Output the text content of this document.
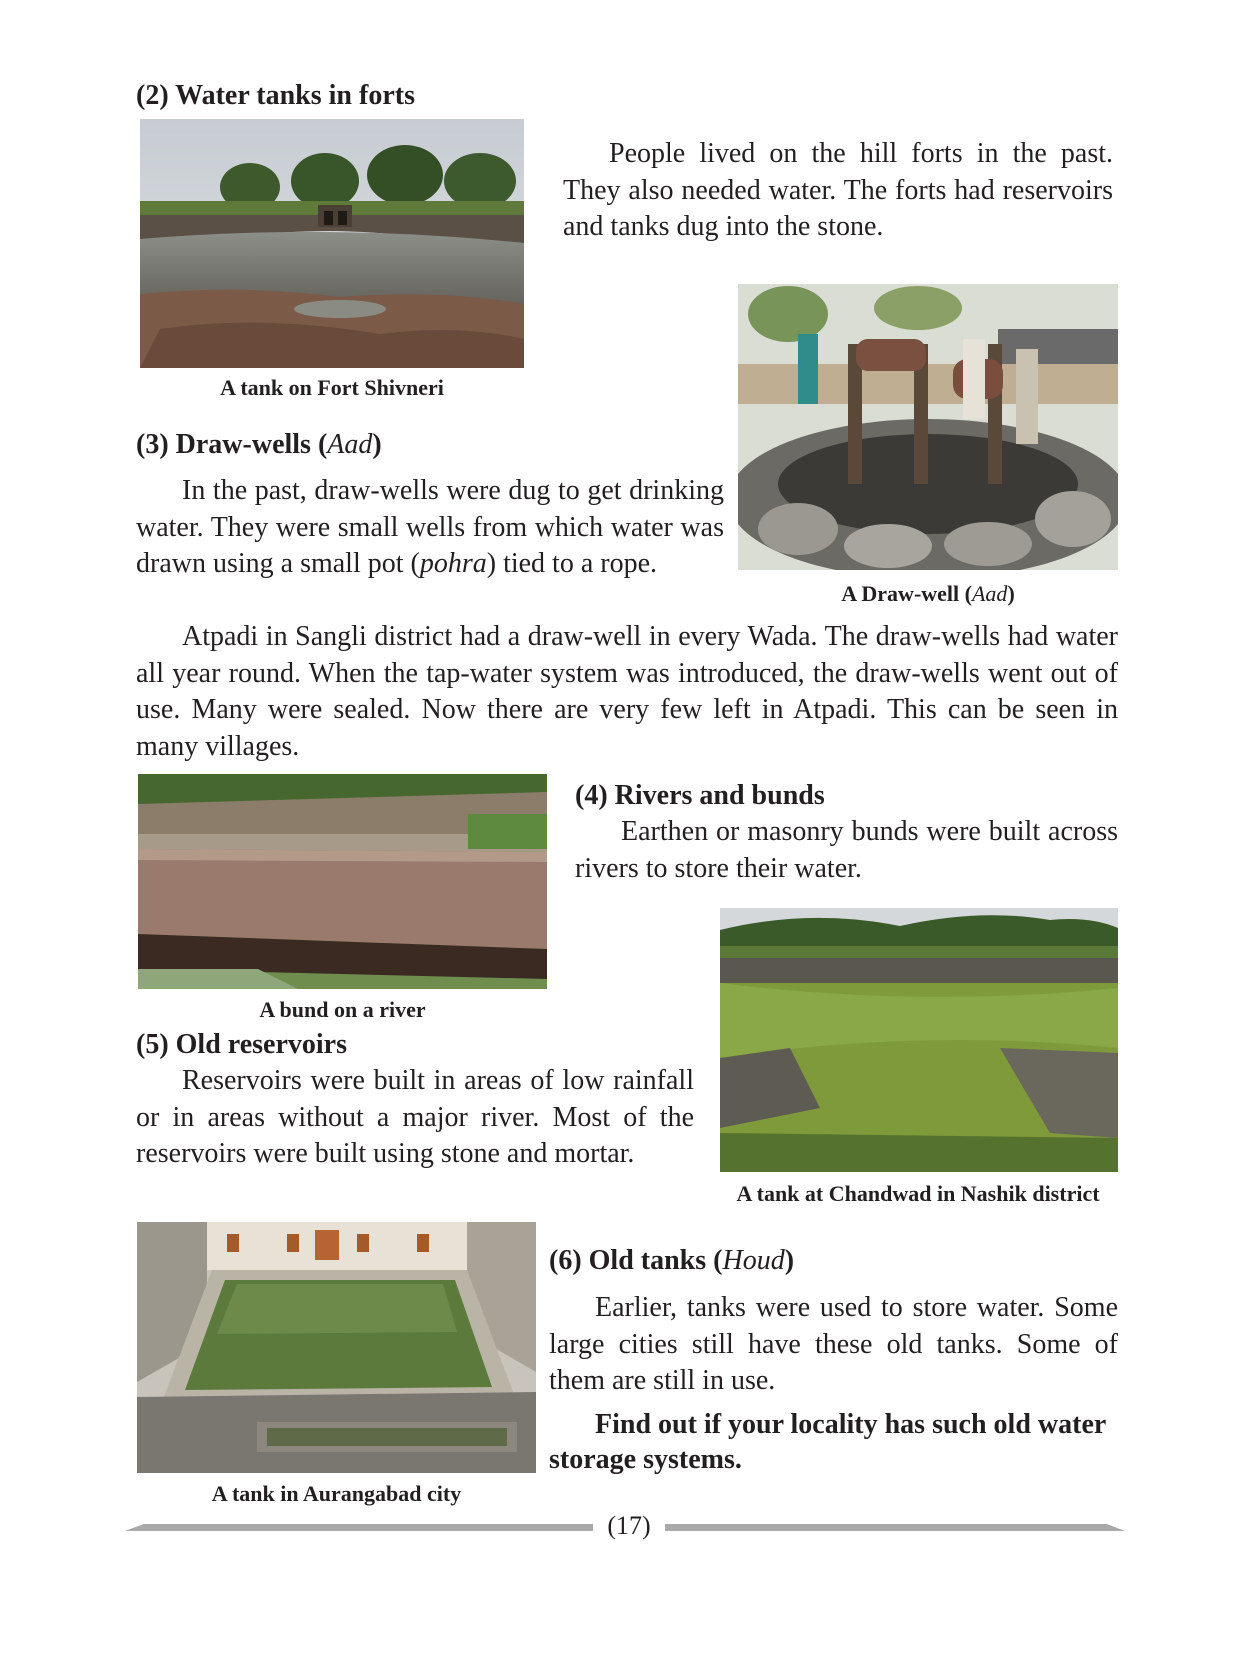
(2) Water tanks in forts
People lived on the hill forts in the past. They also needed water. The forts had reservoirs and tanks dug into the stone.
A tank on Fort Shivneri
(3) Draw-wells (Aad)
In the past, draw-wells were dug to get drinking water. They were small wells from which water was drawn using a small pot (pohra) tied to a rope.
A Draw-well (Aad)
Atpadi in Sangli district had a draw-well in every Wada. The draw-wells had water all year round. When the tap-water system was introduced, the draw-wells went out of use. Many were sealed. Now there are very few left in Atpadi. This can be seen in many villages.
(4) Rivers and bunds
Earthen or masonry bunds were built across rivers to store their water.
A bund on a river
(5) Old reservoirs
Reservoirs were built in areas of low rainfall or in areas without a major river. Most of the reservoirs were built using stone and mortar.
A tank at Chandwad in Nashik district
A tank in Aurangabad city
(6) Old tanks (Houd)
Earlier, tanks were used to store water. Some large cities still have these old tanks. Some of them are still in use.
Find out if your locality has such old water storage systems.
(17)
